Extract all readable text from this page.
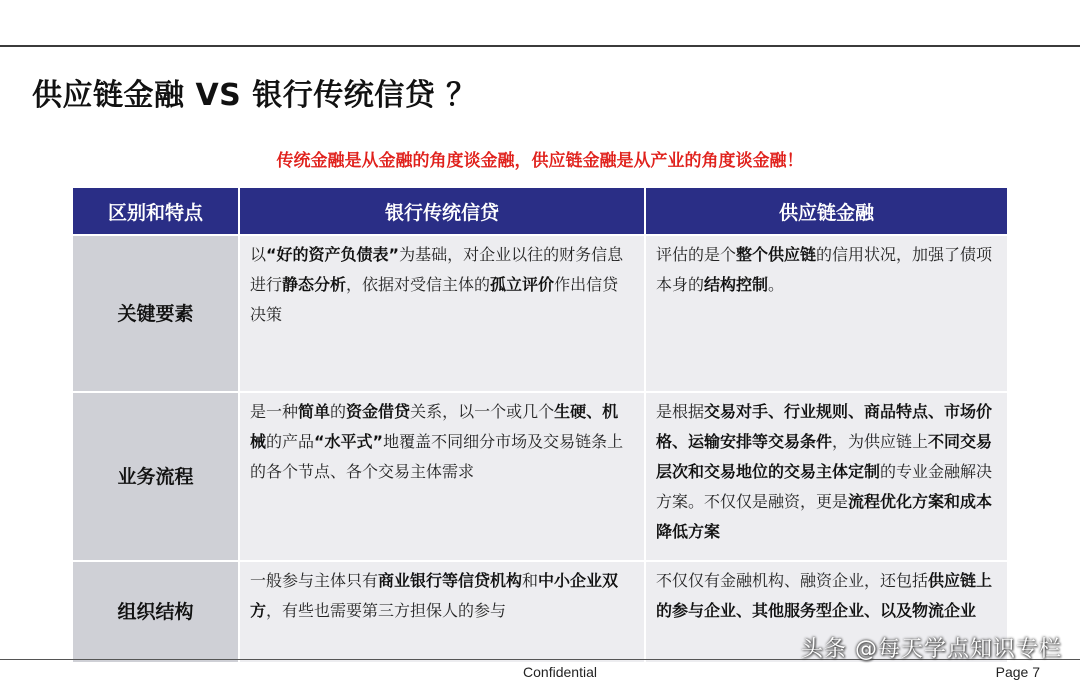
供应链金融 VS 银行传统信贷 ？
传统金融是从金融的角度谈金融，供应链金融是从产业的角度谈金融！
区别和特点	银行传统信贷	供应链金融
关键要素	以“好的资产负债表”为基础，对企业以往的财务信息进行静态分析，依据对受信主体的孤立评价作出信贷决策	评估的是个整个供应链的信用状况，加强了债项本身的结构控制。
业务流程	是一种简单的资金借贷关系，以一个或几个生硬、机械的产品“水平式”地覆盖不同细分市场及交易链条上的各个节点、各个交易主体需求	是根据交易对手、行业规则、商品特点、市场价格、运输安排等交易条件，为供应链上不同交易层次和交易地位的交易主体定制的专业金融解决方案。不仅仅是融资，更是流程优化方案和成本降低方案
组织结构	一般参与主体只有商业银行等信贷机构和中小企业双方，有些也需要第三方担保人的参与	不仅仅有金融机构、融资企业，还包括供应链上的参与企业、其他服务型企业、以及物流企业
Confidential	Page 7
头条 @每天学点知识专栏
